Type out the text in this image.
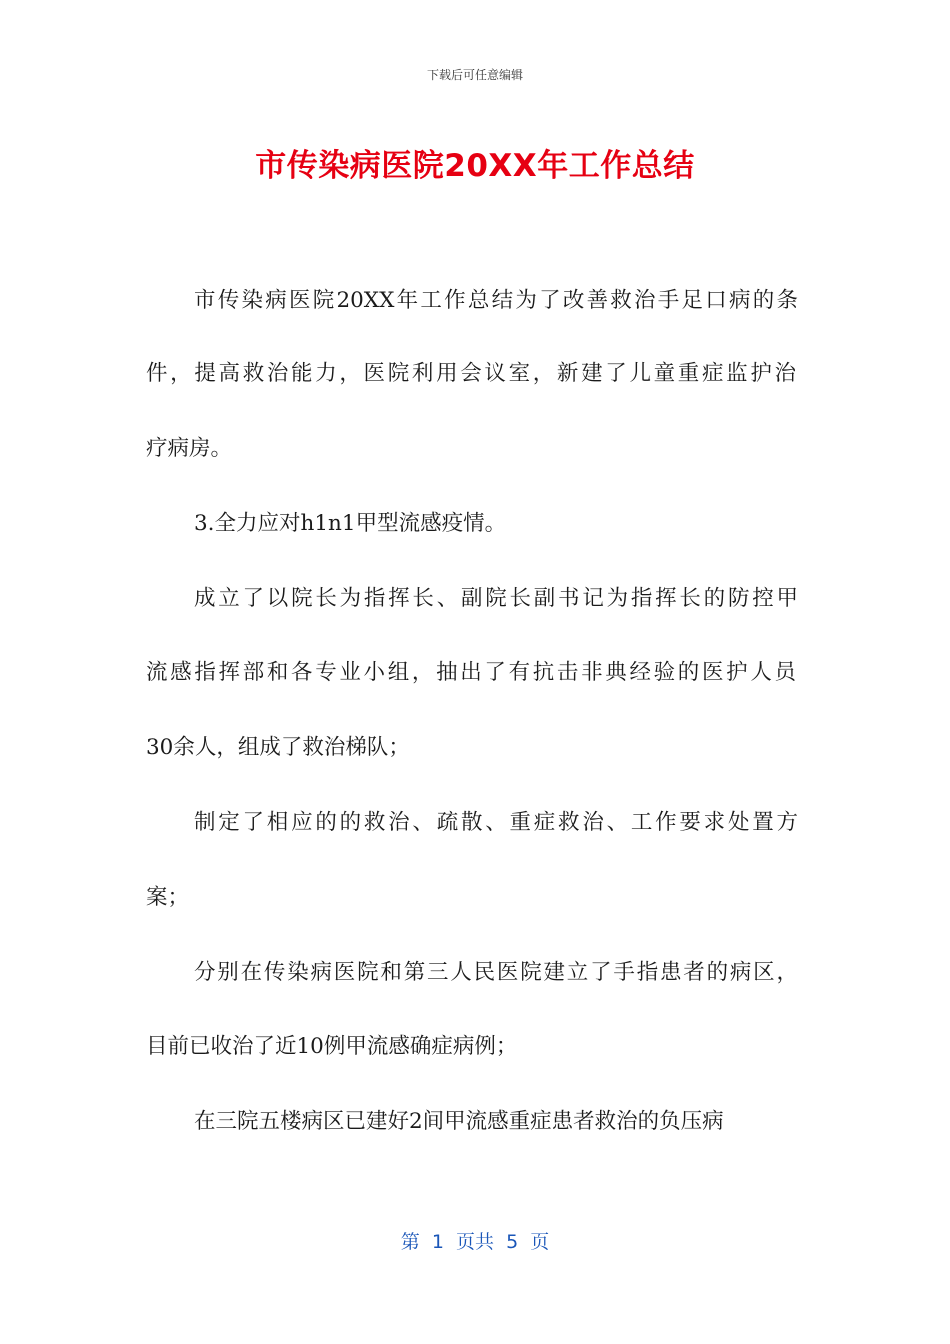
下载后可任意编辑
市传染病医院20XX年工作总结
市传染病医院20XX年工作总结为了改善救治手足口病的条
件，提高救治能力，医院利用会议室，新建了儿童重症监护治
疗病房。
3.全力应对h1n1甲型流感疫情。
成立了以院长为指挥长、副院长副书记为指挥长的防控甲
流感指挥部和各专业小组，抽出了有抗击非典经验的医护人员
30余人，组成了救治梯队；
制定了相应的的救治、疏散、重症救治、工作要求处置方
案；
分别在传染病医院和第三人民医院建立了手指患者的病区，
目前已收治了近10例甲流感确症病例；
在三院五楼病区已建好2间甲流感重症患者救治的负压病
第  1  页共  5  页
